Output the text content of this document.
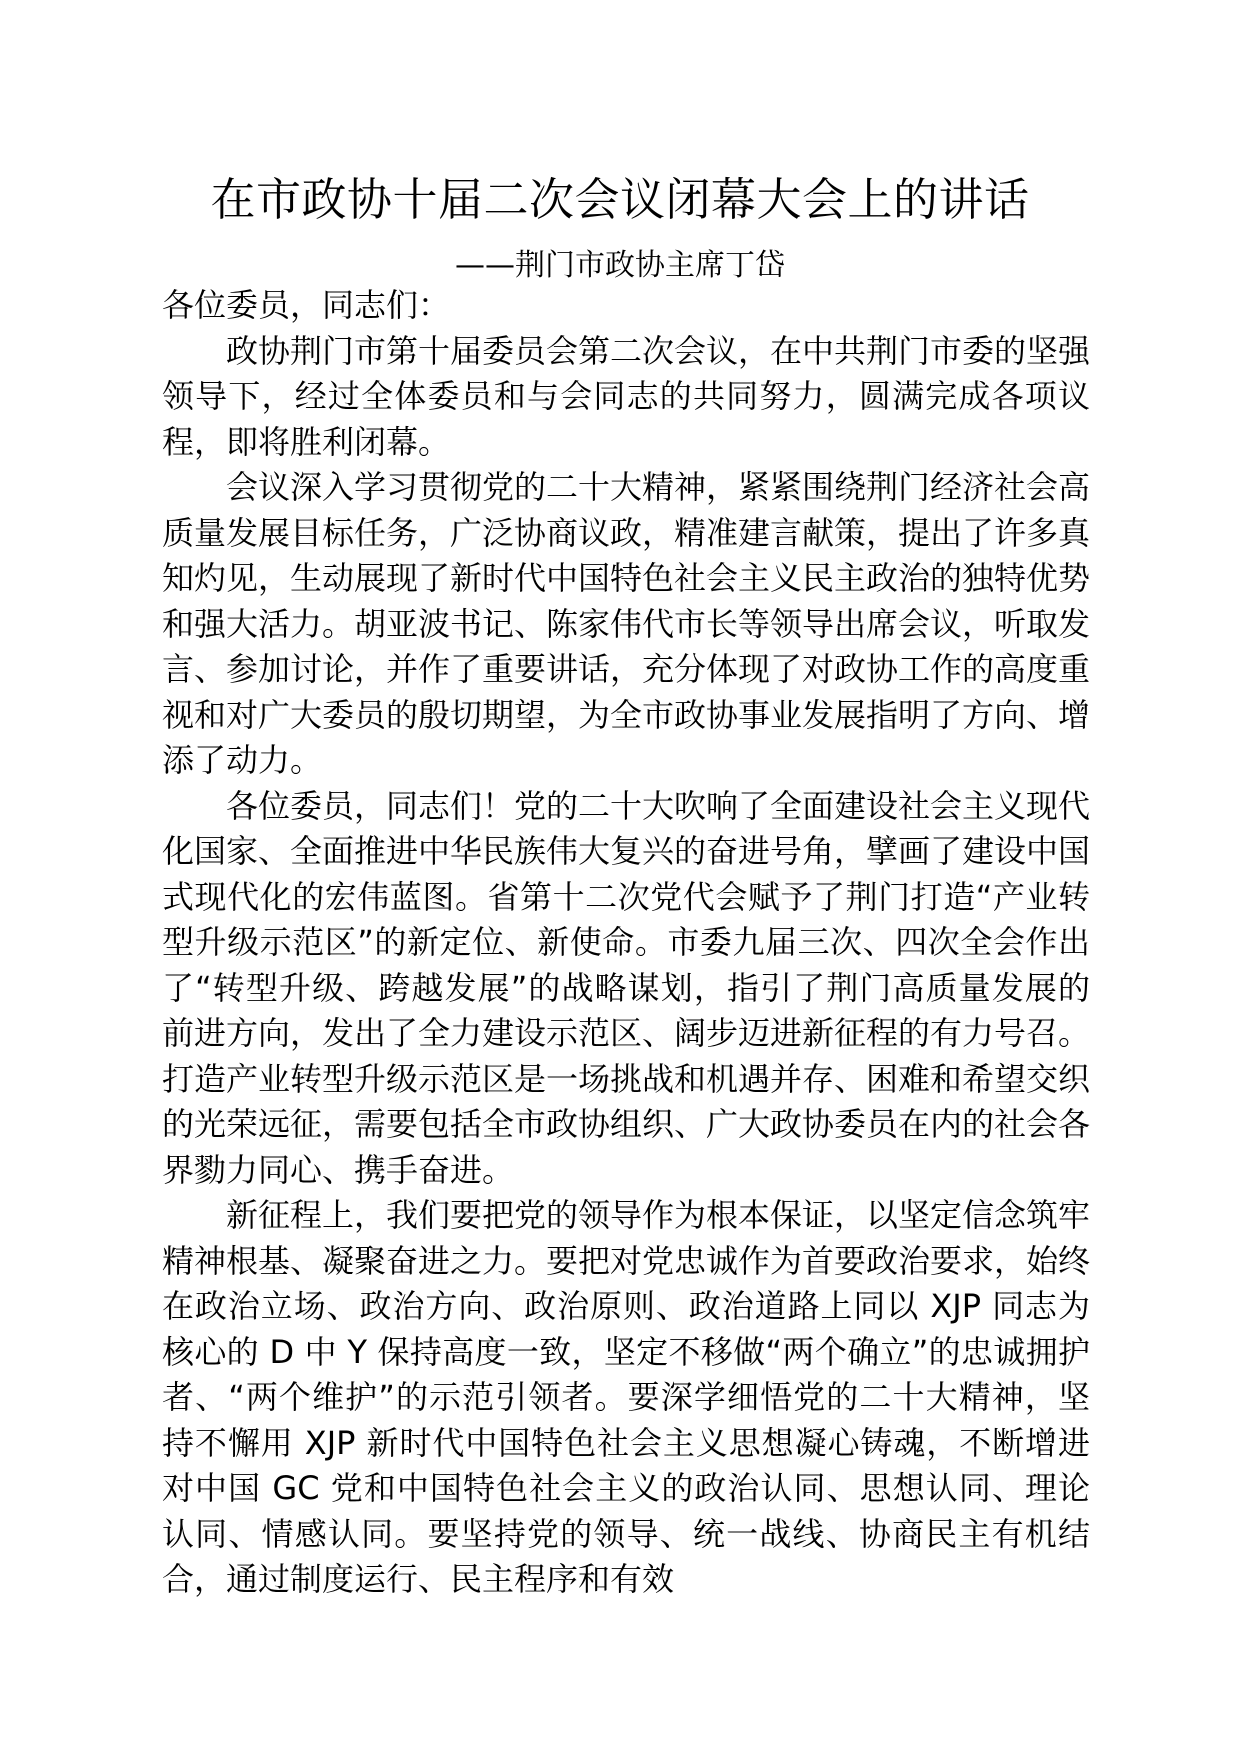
在市政协十届二次会议闭幕大会上的讲话
——荆门市政协主席丁岱

各位委员，同志们：

政协荆门市第十届委员会第二次会议，在中共荆门市委的坚强领导下，经过全体委员和与会同志的共同努力，圆满完成各项议程，即将胜利闭幕。

会议深入学习贯彻党的二十大精神，紧紧围绕荆门经济社会高质量发展目标任务，广泛协商议政，精准建言献策，提出了许多真知灼见，生动展现了新时代中国特色社会主义民主政治的独特优势和强大活力。胡亚波书记、陈家伟代市长等领导出席会议，听取发言、参加讨论，并作了重要讲话，充分体现了对政协工作的高度重视和对广大委员的殷切期望，为全市政协事业发展指明了方向、增添了动力。

各位委员，同志们！党的二十大吹响了全面建设社会主义现代化国家、全面推进中华民族伟大复兴的奋进号角，擘画了建设中国式现代化的宏伟蓝图。省第十二次党代会赋予了荆门打造“产业转型升级示范区”的新定位、新使命。市委九届三次、四次全会作出了“转型升级、跨越发展”的战略谋划，指引了荆门高质量发展的前进方向，发出了全力建设示范区、阔步迈进新征程的有力号召。打造产业转型升级示范区是一场挑战和机遇并存、困难和希望交织的光荣远征，需要包括全市政协组织、广大政协委员在内的社会各界勠力同心、携手奋进。

新征程上，我们要把党的领导作为根本保证，以坚定信念筑牢精神根基、凝聚奋进之力。要把对党忠诚作为首要政治要求，始终在政治立场、政治方向、政治原则、政治道路上同以 XJP 同志为核心的 D 中 Y 保持高度一致，坚定不移做“两个确立”的忠诚拥护者、“两个维护”的示范引领者。要深学细悟党的二十大精神，坚持不懈用 XJP 新时代中国特色社会主义思想凝心铸魂，不断增进对中国 GC 党和中国特色社会主义的政治认同、思想认同、理论认同、情感认同。要坚持党的领导、统一战线、协商民主有机结合，通过制度运行、民主程序和有效
